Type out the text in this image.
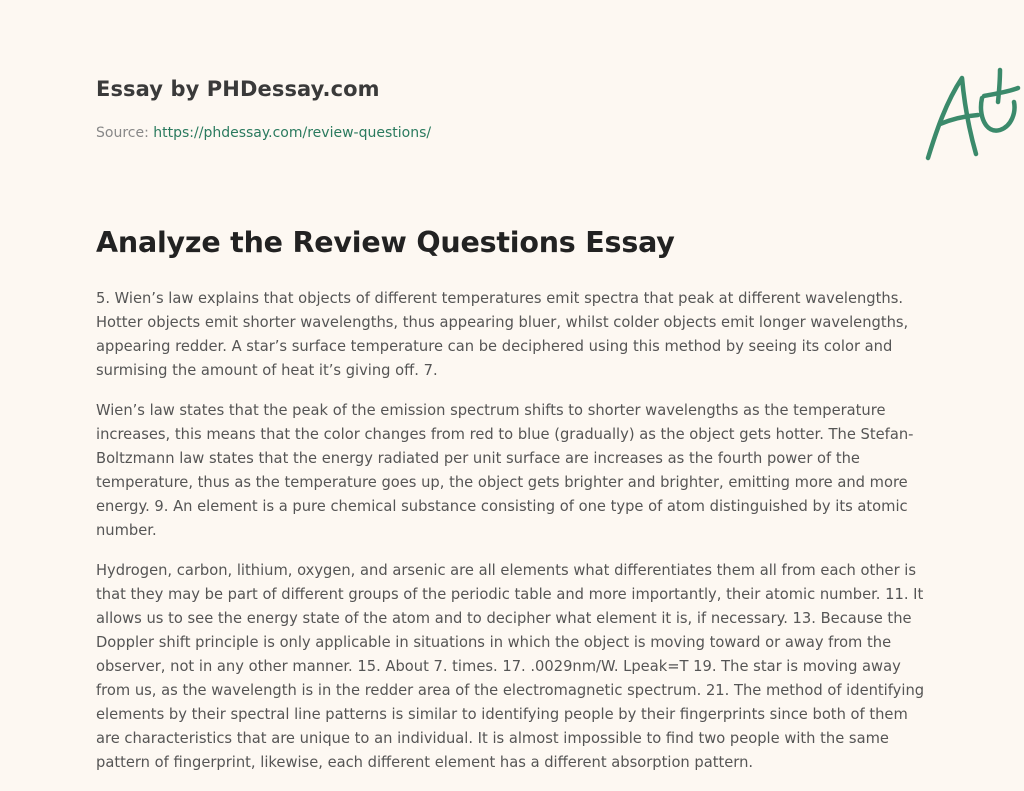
Essay by PHDessay.com

Source: https://phdessay.com/review-questions/

Analyze the Review Questions Essay

5. Wien’s law explains that objects of different temperatures emit spectra that peak at different wavelengths. Hotter objects emit shorter wavelengths, thus appearing bluer, whilst colder objects emit longer wavelengths, appearing redder. A star’s surface temperature can be deciphered using this method by seeing its color and surmising the amount of heat it’s giving off. 7.

Wien’s law states that the peak of the emission spectrum shifts to shorter wavelengths as the temperature increases, this means that the color changes from red to blue (gradually) as the object gets hotter. The Stefan-Boltzmann law states that the energy radiated per unit surface are increases as the fourth power of the temperature, thus as the temperature goes up, the object gets brighter and brighter, emitting more and more energy. 9. An element is a pure chemical substance consisting of one type of atom distinguished by its atomic number.

Hydrogen, carbon, lithium, oxygen, and arsenic are all elements what differentiates them all from each other is that they may be part of different groups of the periodic table and more importantly, their atomic number. 11. It allows us to see the energy state of the atom and to decipher what element it is, if necessary. 13. Because the Doppler shift principle is only applicable in situations in which the object is moving toward or away from the observer, not in any other manner. 15. About 7. times. 17. .0029nm/W. Lpeak=T 19. The star is moving away from us, as the wavelength is in the redder area of the electromagnetic spectrum. 21. The method of identifying elements by their spectral line patterns is similar to identifying people by their fingerprints since both of them are characteristics that are unique to an individual. It is almost impossible to find two people with the same pattern of fingerprint, likewise, each different element has a different absorption pattern.
